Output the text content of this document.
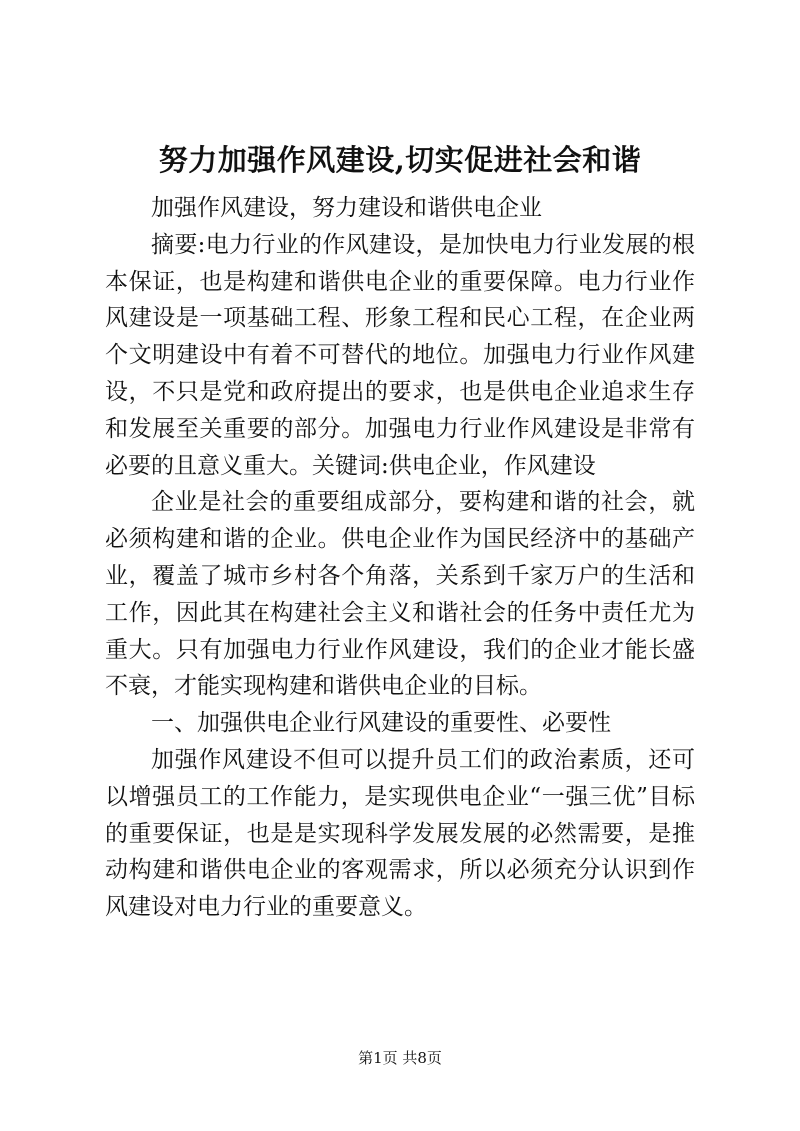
努力加强作风建设,切实促进社会和谐

加强作风建设，努力建设和谐供电企业

摘要:电力行业的作风建设，是加快电力行业发展的根本保证，也是构建和谐供电企业的重要保障。电力行业作风建设是一项基础工程、形象工程和民心工程，在企业两个文明建设中有着不可替代的地位。加强电力行业作风建设，不只是党和政府提出的要求，也是供电企业追求生存和发展至关重要的部分。加强电力行业作风建设是非常有必要的且意义重大。关键词:供电企业，作风建设

企业是社会的重要组成部分，要构建和谐的社会，就必须构建和谐的企业。供电企业作为国民经济中的基础产业，覆盖了城市乡村各个角落，关系到千家万户的生活和工作，因此其在构建社会主义和谐社会的任务中责任尤为重大。只有加强电力行业作风建设，我们的企业才能长盛不衰，才能实现构建和谐供电企业的目标。

一、加强供电企业行风建设的重要性、必要性

加强作风建设不但可以提升员工们的政治素质，还可以增强员工的工作能力，是实现供电企业“一强三优”目标的重要保证，也是是实现科学发展发展的必然需要，是推动构建和谐供电企业的客观需求，所以必须充分认识到作风建设对电力行业的重要意义。

第1页 共8页
